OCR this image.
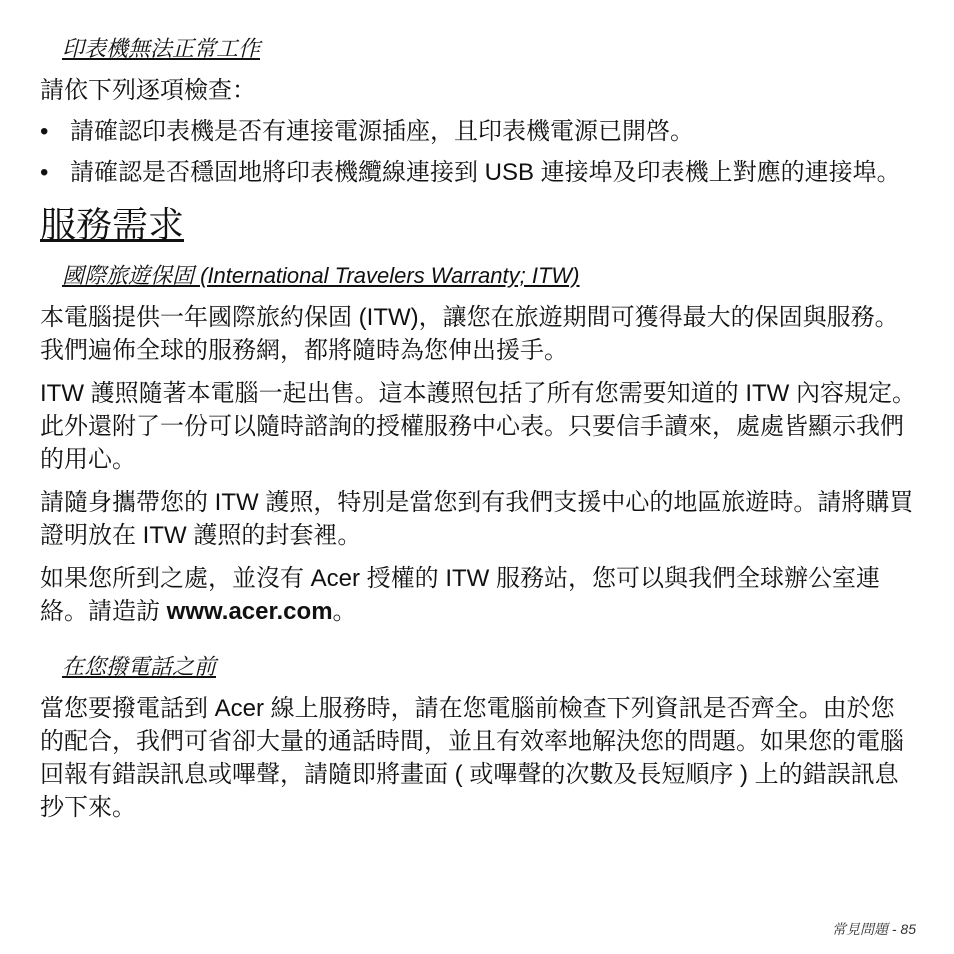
印表機無法正常工作

請依下列逐項檢查：

• 請確認印表機是否有連接電源插座，且印表機電源已開啓。
• 請確認是否穩固地將印表機纜線連接到 USB 連接埠及印表機上對應的連接埠。
服務需求
國際旅遊保固 (International Travelers Warranty; ITW)

本電腦提供一年國際旅約保固 (ITW)，讓您在旅遊期間可獲得最大的保固與服務。我們遍佈全球的服務網，都將隨時為您伸出援手。

ITW 護照隨著本電腦一起出售。這本護照包括了所有您需要知道的 ITW 內容規定。此外還附了一份可以隨時諮詢的授權服務中心表。只要信手讀來，處處皆顯示我們的用心。

請隨身攜帶您的 ITW 護照，特別是當您到有我們支援中心的地區旅遊時。請將購買證明放在 ITW 護照的封套裡。

如果您所到之處，並沒有 Acer 授權的 ITW 服務站，您可以與我們全球辦公室連絡。請造訪 www.acer.com。

在您撥電話之前

當您要撥電話到 Acer 線上服務時，請在您電腦前檢查下列資訊是否齊全。由於您的配合，我們可省卻大量的通話時間，並且有效率地解決您的問題。如果您的電腦回報有錯誤訊息或嗶聲，請隨即將畫面 ( 或嗶聲的次數及長短順序 ) 上的錯誤訊息抄下來。

常見問題 - 85
